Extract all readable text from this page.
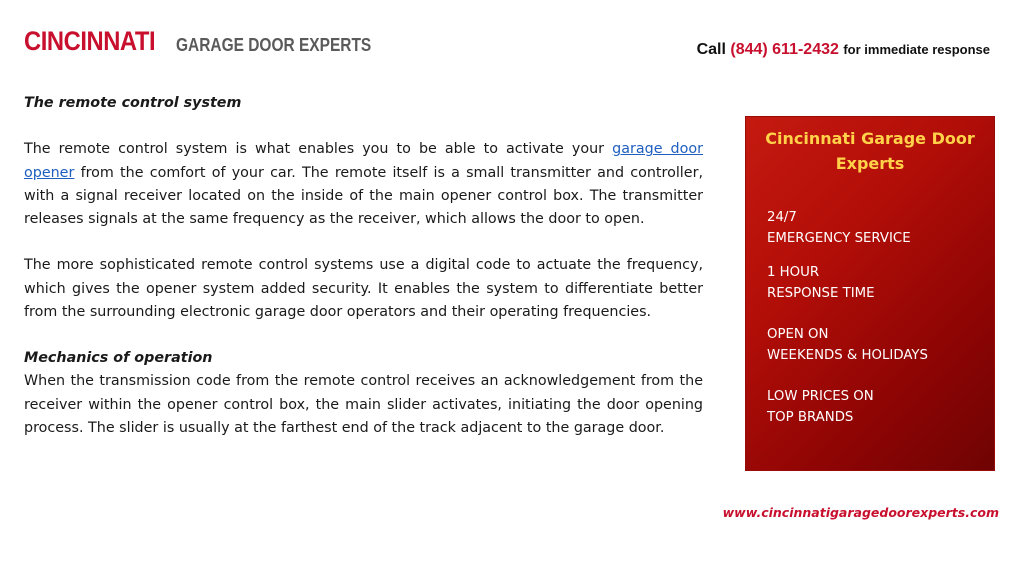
CINCINNATI GARAGE DOOR EXPERTS	Call (844) 611-2432 for immediate response

The remote control system

The remote control system is what enables you to be able to activate your garage door opener from the comfort of your car. The remote itself is a small transmitter and controller, with a signal receiver located on the inside of the main opener control box. The transmitter releases signals at the same frequency as the receiver, which allows the door to open.

The more sophisticated remote control systems use a digital code to actuate the frequency, which gives the opener system added security. It enables the system to differentiate better from the surrounding electronic garage door operators and their operating frequencies.

Mechanics of operation

When the transmission code from the remote control receives an acknowledgement from the receiver within the opener control box, the main slider activates, initiating the door opening process. The slider is usually at the farthest end of the track adjacent to the garage door.

Cincinnati Garage Door Experts
24/7
EMERGENCY SERVICE
1 HOUR
RESPONSE TIME
OPEN ON
WEEKENDS & HOLIDAYS
LOW PRICES ON
TOP BRANDS
www.cincinnatigaragedoorexperts.com
